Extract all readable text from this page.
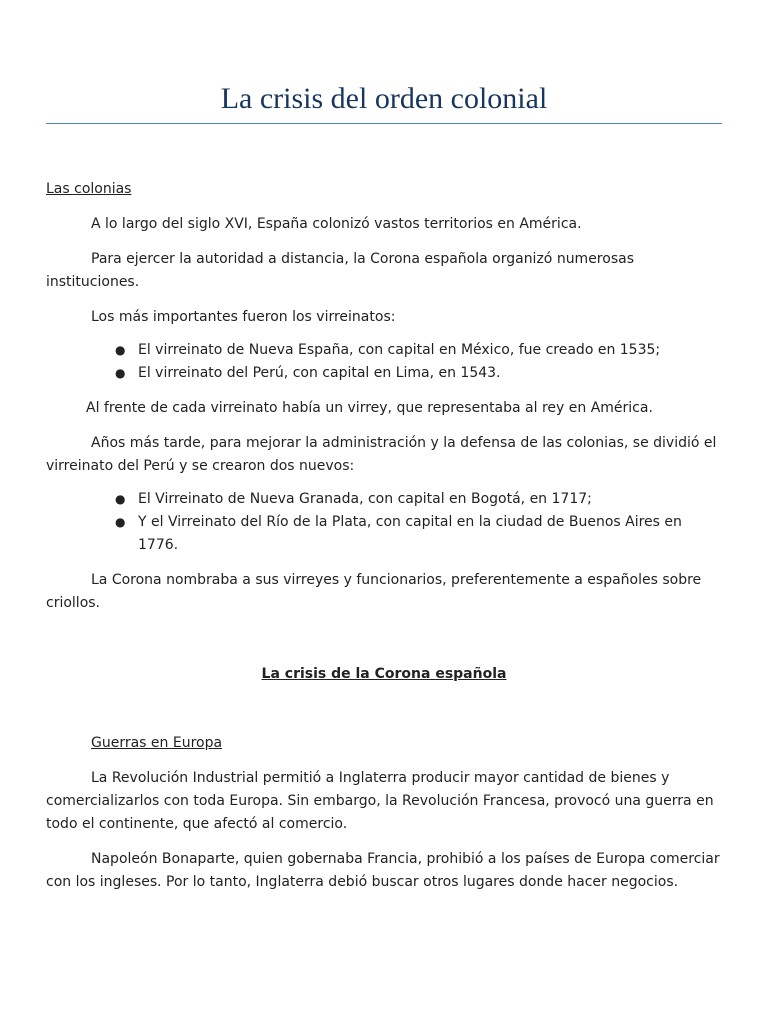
La crisis del orden colonial

Las colonias

A lo largo del siglo XVI, España colonizó vastos territorios en América.

Para ejercer la autoridad a distancia, la Corona española organizó numerosas instituciones.

Los más importantes fueron los virreinatos:

● El virreinato de Nueva España, con capital en México, fue creado en 1535;
● El virreinato del Perú, con capital en Lima, en 1543.

Al frente de cada virreinato había un virrey, que representaba al rey en América.

Años más tarde, para mejorar la administración y la defensa de las colonias, se dividió el virreinato del Perú y se crearon dos nuevos:

● El Virreinato de Nueva Granada, con capital en Bogotá, en 1717;
● Y el Virreinato del Río de la Plata, con capital en la ciudad de Buenos Aires en 1776.

La Corona nombraba a sus virreyes y funcionarios, preferentemente a españoles sobre criollos.

La crisis de la Corona española

Guerras en Europa

La Revolución Industrial permitió a Inglaterra producir mayor cantidad de bienes y comercializarlos con toda Europa. Sin embargo, la Revolución Francesa, provocó una guerra en todo el continente, que afectó al comercio.

Napoleón Bonaparte, quien gobernaba Francia, prohibió a los países de Europa comerciar con los ingleses. Por lo tanto, Inglaterra debió buscar otros lugares donde hacer negocios.
